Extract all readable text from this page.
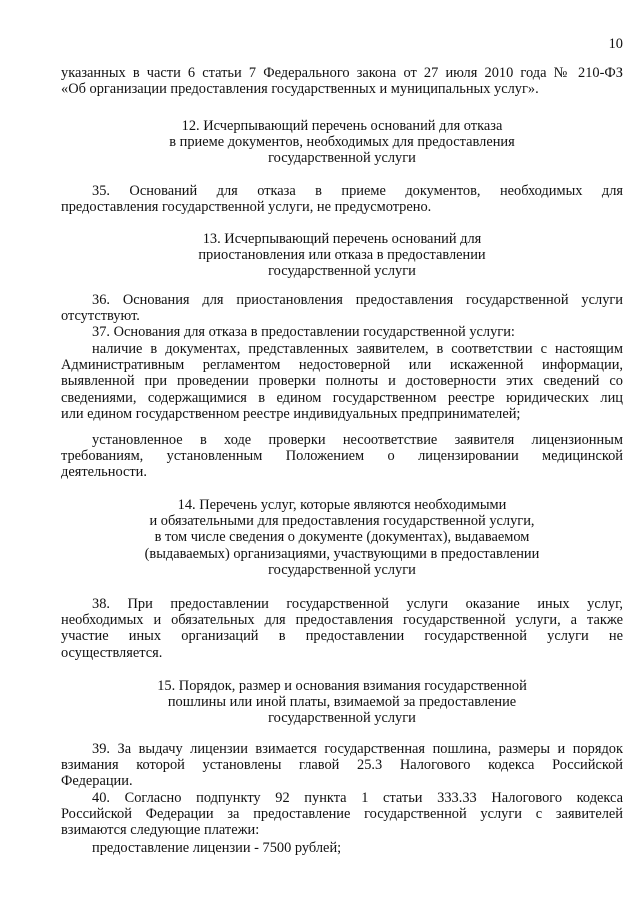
10
указанных в части 6 статьи 7 Федерального закона от 27 июля 2010 года № 210-ФЗ
«Об организации предоставления государственных и муниципальных услуг».
12. Исчерпывающий перечень оснований для отказа
в приеме документов, необходимых для предоставления
государственной услуги
35. Оснований для отказа в приеме документов, необходимых для
предоставления государственной услуги, не предусмотрено.
13. Исчерпывающий перечень оснований для
приостановления или отказа в предоставлении
государственной услуги
36. Основания для приостановления предоставления государственной услуги
отсутствуют.
37. Основания для отказа в предоставлении государственной услуги:
наличие в документах, представленных заявителем, в соответствии с настоящим
Административным регламентом недостоверной или искаженной информации,
выявленной при проведении проверки полноты и достоверности этих сведений со
сведениями, содержащимися в едином государственном реестре юридических лиц
или едином государственном реестре индивидуальных предпринимателей;
установленное в ходе проверки несоответствие заявителя лицензионным
требованиям, установленным Положением о лицензировании медицинской
деятельности.
14. Перечень услуг, которые являются необходимыми
и обязательными для предоставления государственной услуги,
в том числе сведения о документе (документах), выдаваемом
(выдаваемых) организациями, участвующими в предоставлении
государственной услуги
38. При предоставлении государственной услуги оказание иных услуг,
необходимых и обязательных для предоставления государственной услуги, а также
участие иных организаций в предоставлении государственной услуги не
осуществляется.
15. Порядок, размер и основания взимания государственной
пошлины или иной платы, взимаемой за предоставление
государственной услуги
39. За выдачу лицензии взимается государственная пошлина, размеры и порядок
взимания которой установлены главой 25.3 Налогового кодекса Российской
Федерации.
40. Согласно подпункту 92 пункта 1 статьи 333.33 Налогового кодекса
Российской Федерации за предоставление государственной услуги с заявителей
взимаются следующие платежи:
предоставление лицензии - 7500 рублей;
